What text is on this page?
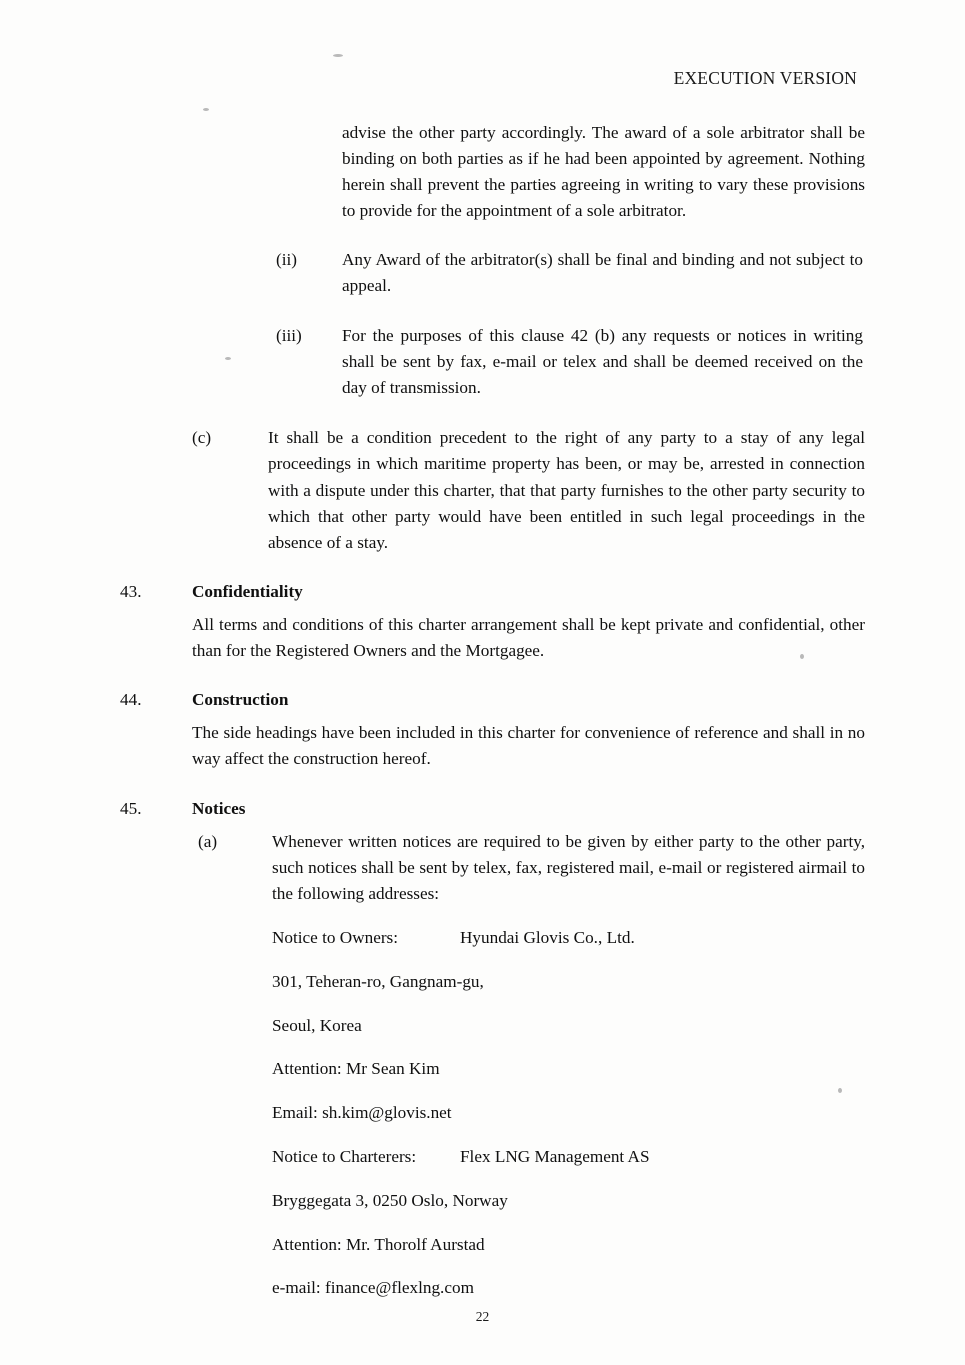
EXECUTION VERSION
advise the other party accordingly. The award of a sole arbitrator shall be binding on both parties as if he had been appointed by agreement. Nothing herein shall prevent the parties agreeing in writing to vary these provisions to provide for the appointment of a sole arbitrator.
(ii)	Any Award of the arbitrator(s) shall be final and binding and not subject to appeal.
(iii)	For the purposes of this clause 42 (b) any requests or notices in writing shall be sent by fax, e-mail or telex and shall be deemed received on the day of transmission.
(c)	It shall be a condition precedent to the right of any party to a stay of any legal proceedings in which maritime property has been, or may be, arrested in connection with a dispute under this charter, that that party furnishes to the other party security to which that other party would have been entitled in such legal proceedings in the absence of a stay.
43.	Confidentiality
All terms and conditions of this charter arrangement shall be kept private and confidential, other than for the Registered Owners and the Mortgagee.
44.	Construction
The side headings have been included in this charter for convenience of reference and shall in no way affect the construction hereof.
45.	Notices
(a)	Whenever written notices are required to be given by either party to the other party, such notices shall be sent by telex, fax, registered mail, e-mail or registered airmail to the following addresses:
Notice to Owners:	Hyundai Glovis Co., Ltd.
301, Teheran-ro, Gangnam-gu,
Seoul, Korea
Attention: Mr Sean Kim
Email: sh.kim@glovis.net
Notice to Charterers:	Flex LNG Management AS
Bryggegata 3, 0250 Oslo, Norway
Attention: Mr. Thorolf Aurstad
e-mail: finance@flexlng.com
22
